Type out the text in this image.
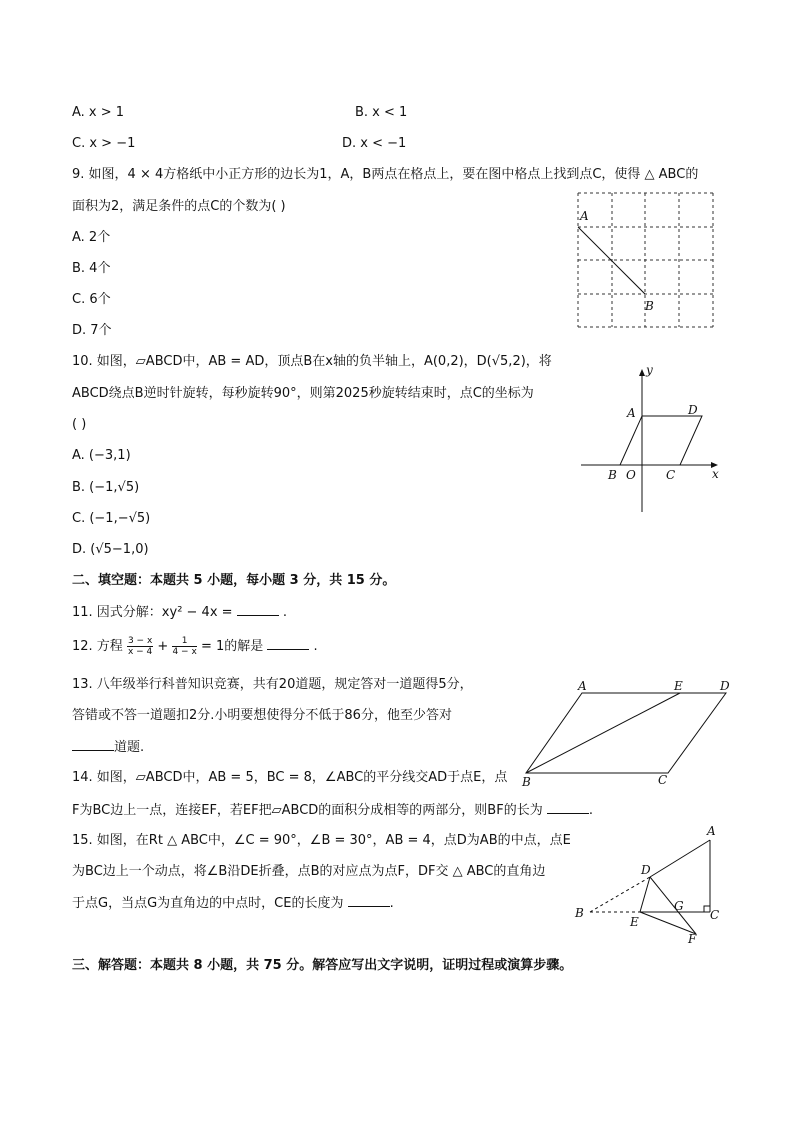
A. x > 1	B. x < 1
C. x > −1	D. x < −1
9. 如图，4 × 4方格纸中小正方形的边长为1，A，B两点在格点上，要在图中格点上找到点C，使得 △ ABC的
面积为2，满足条件的点C的个数为( )
A. 2个
B. 4个
C. 6个
D. 7个
A
B
10. 如图，▱ABCD中，AB = AD，顶点B在x轴的负半轴上，A(0,2)，D(√5,2)，将
ABCD绕点B逆时针旋转，每秒旋转90°，则第2025秒旋转结束时，点C的坐标为
( )
A. (−3,1)
B. (−1,√5)
C. (−1,−√5)
D. (√5−1,0)
y
x
A	D
B O	C
二、填空题：本题共 5 小题，每小题 3 分，共 15 分。
11. 因式分解：xy² − 4x =	.
12. 方程 $\frac{3 - x}{x - 4} + \frac{1}{4 - x} = 1$的解是	.
13. 八年级举行科普知识竞赛，共有20道题，规定答对一道题得5分，
答错或不答一道题扣2分.小明要想使得分不低于86分，他至少答对
道题.
A	E	D
B	C
14. 如图，▱ABCD中，AB = 5，BC = 8，∠ABC的平分线交AD于点E，点
F为BC边上一点，连接EF，若EF把▱ABCD的面积分成相等的两部分，则BF的长为	.
15. 如图，在Rt △ ABC中，∠C = 90°，∠B = 30°，AB = 4，点D为AB的中点，点E
为BC边上一个动点，将∠B沿DE折叠，点B的对应点为点F，DF交 △ ABC的直角边
于点G，当点G为直角边的中点时，CE的长度为	.
A
D
G
B
E	C
F
三、解答题：本题共 8 小题，共 75 分。解答应写出文字说明，证明过程或演算步骤。
